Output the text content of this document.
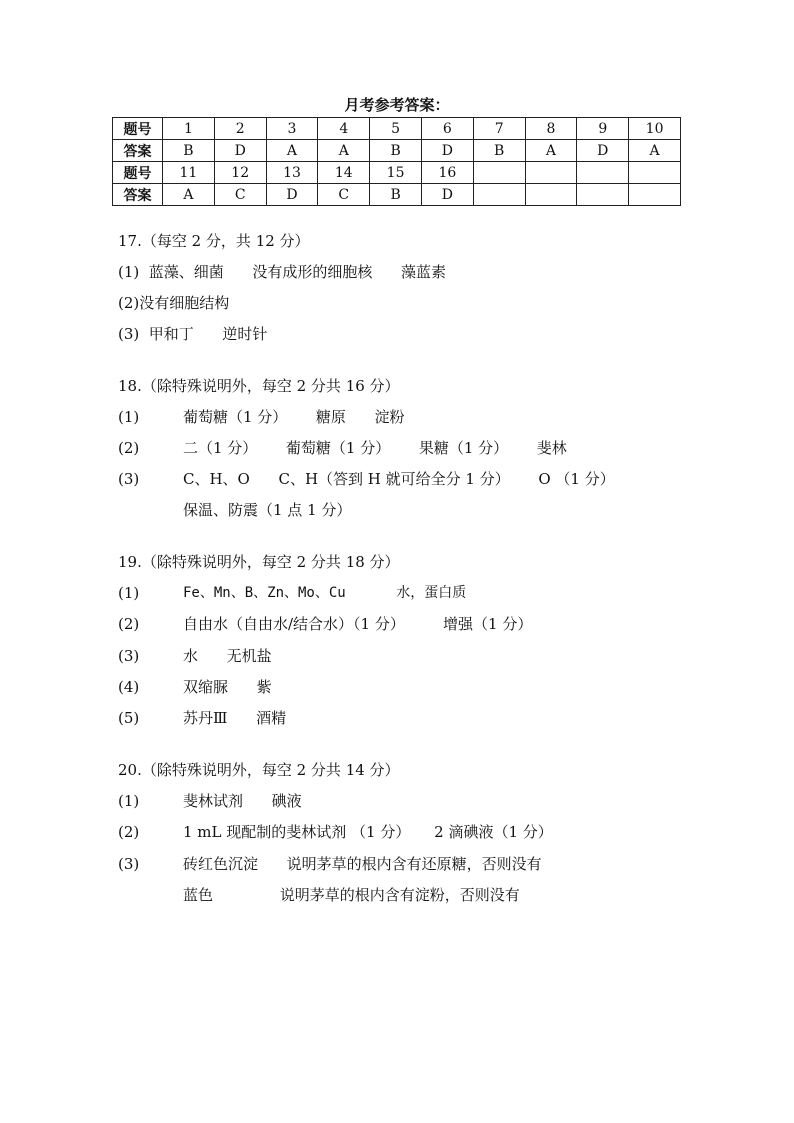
月考参考答案：
题号	1	2	3	4	5	6	7	8	9	10
答案	B	D	A	A	B	D	B	A	D	A
题号	11	12	13	14	15	16				
答案	A	C	D	C	B	D				
17.（每空 2 分，共 12 分）
(1)  蓝藻、细菌      没有成形的细胞核      藻蓝素
(2)没有细胞结构
(3)  甲和丁      逆时针
18.（除特殊说明外，每空 2 分共 16 分）
(1)	葡萄糖（1 分）      糖原      淀粉
(2)	二（1 分）      葡萄糖（1 分）      果糖（1 分）      斐林
(3)	C、H、O      C、H（答到 H 就可给全分 1 分）      O （1 分）
保温、防震（1 点 1 分）
19.（除特殊说明外，每空 2 分共 18 分）
(1)	Fe、Mn、B、Zn、Mo、Cu      水，蛋白质
(2)	自由水（自由水/结合水）（1 分）        增强（1 分）
(3)	水      无机盐
(4)	双缩脲      紫
(5)	苏丹Ⅲ      酒精
20.（除特殊说明外，每空 2 分共 14 分）
(1)	斐林试剂      碘液
(2)	1 mL 现配制的斐林试剂 （1 分）     2 滴碘液（1 分）
(3)	砖红色沉淀      说明茅草的根内含有还原糖，否则没有
蓝色              说明茅草的根内含有淀粉，否则没有
